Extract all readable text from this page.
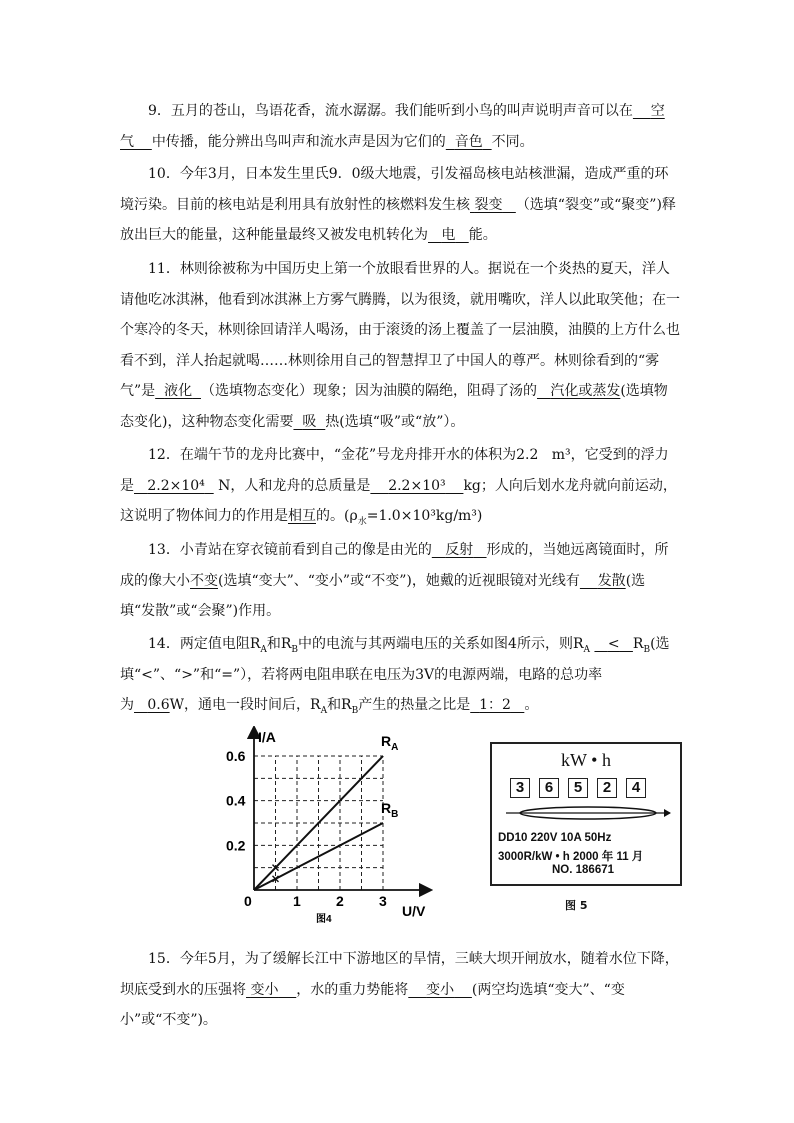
9．五月的苍山，鸟语花香，流水潺潺。我们能听到小鸟的叫声说明声音可以在 空气 中传播，能分辨出鸟叫声和流水声是因为它们的 音色 不同。

10．今年3月，日本发生里氏9．0级大地震，引发福岛核电站核泄漏，造成严重的环境污染。目前的核电站是利用具有放射性的核燃料发生核 裂变 （选填“裂变”或“聚变”)释放出巨大的能量，这种能量最终又被发电机转化为 电 能。

11．林则徐被称为中国历史上第一个放眼看世界的人。据说在一个炎热的夏天，洋人请他吃冰淇淋，他看到冰淇淋上方雾气腾腾，以为很烫，就用嘴吹，洋人以此取笑他；在一个寒冷的冬天，林则徐回请洋人喝汤，由于滚烫的汤上覆盖了一层油膜，油膜的上方什么也看不到，洋人抬起就喝……林则徐用自己的智慧捍卫了中国人的尊严。林则徐看到的“雾气”是 液化 （选填物态变化）现象；因为油膜的隔绝，阻碍了汤的 汽化或蒸发(选填物态变化)，这种物态变化需要 吸 热(选填“吸”或“放”）。

12．在端午节的龙舟比赛中，“金花”号龙舟排开水的体积为2.2 m³，它受到的浮力是 2.2×10⁴ N，人和龙舟的总质量是 2.2×10³ kg；人向后划水龙舟就向前运动，这说明了物体间力的作用是相互的。$(\rho_水=1.0\times 10^3kg/m^3)$

13．小青站在穿衣镜前看到自己的像是由光的 反射 形成的，当她远离镜面时，所成的像大小不变(选填“变大”、“变小”或“不变”)，她戴的近视眼镜对光线有 发散(选填“发散”或“会聚”)作用。

14．两定值电阻$R_A$和$R_B$中的电流与其两端电压的关系如图4所示，则$R_A < R_B$(选填“<”、“>”和“=”），若将两电阻串联在电压为3V的电源两端，电路的总功率为 0.6W，通电一段时间后，$R_A$和$R_B$产生的热量之比是 1：2 。

$R_A$
$R_B$
1	2	3
0.2
0.4
0.6
I/A
U/V
0
图4
kW • h
3	6	5	2	4
DD10 220V 10A 50Hz
3000R/kW • h 2000 年 11 月
NO. 186671
图 5

15．今年5月，为了缓解长江中下游地区的旱情，三峡大坝开闸放水，随着水位下降，坝底受到水的压强将 变小 ，水的重力势能将 变小 (两空均选填“变大”、“变小”或“不变”)。
